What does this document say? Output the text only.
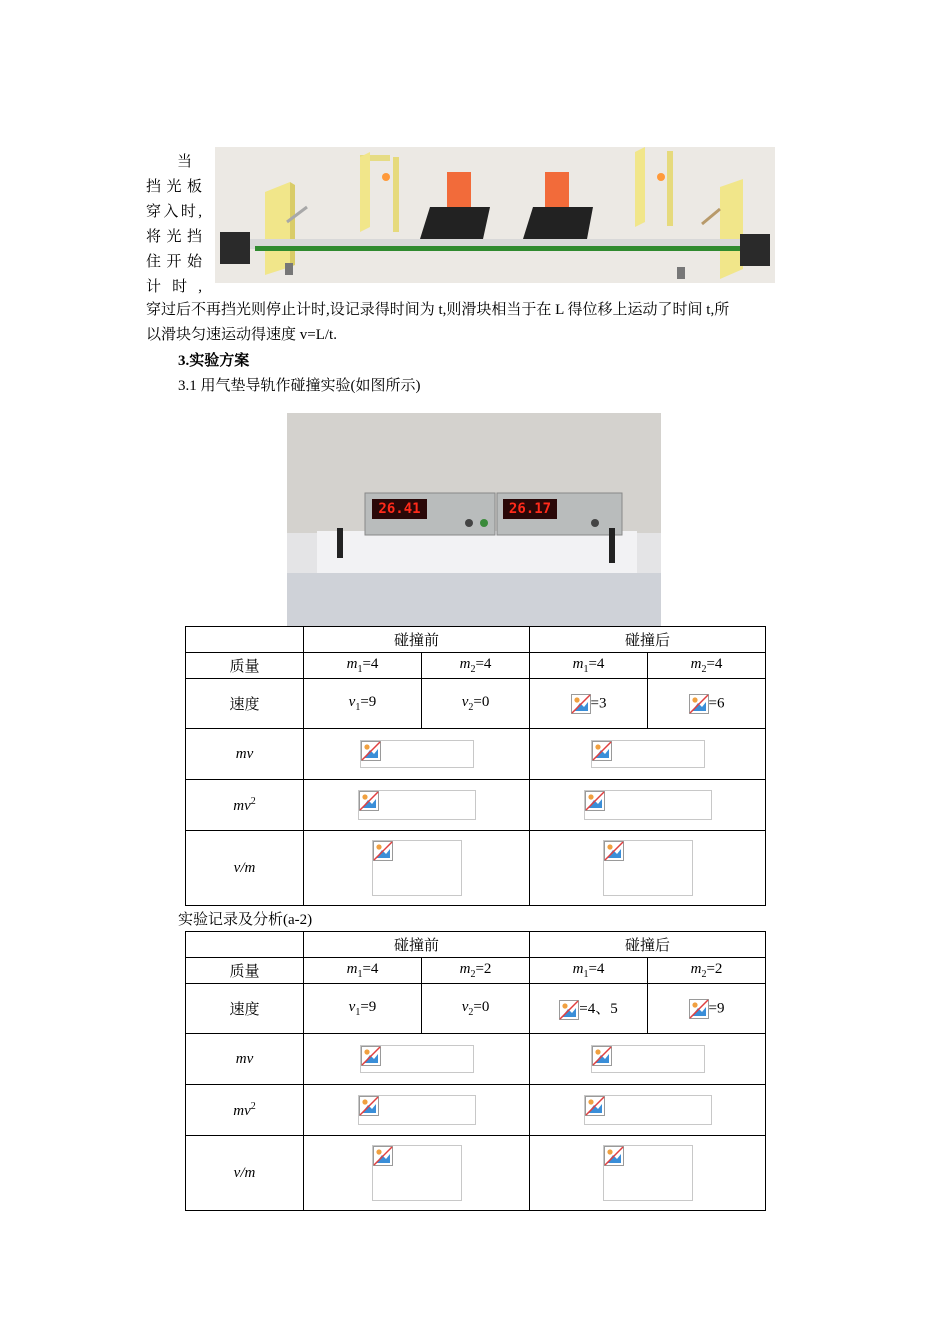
当
挡光板
穿入时,
将光挡
住开始
计时,
穿过后不再挡光则停止计时,设记录得时间为 t,则滑块相当于在 L 得位移上运动了时间 t,所
以滑块匀速运动得速度 v=L/t.
3.实验方案
3.1 用气垫导轨作碰撞实验(如图所示)
26.41	26.17
	碰撞前		碰撞后	
质量	$m_1=4$	$m_2=4$	$m_1=4$	$m_2=4$
速度	$v_1=9$	$v_2=0$	=3	=6
mv	

$mv^2$	

v/m	

实验记录及分析(a-2)
	碰撞前		碰撞后	
质量	$m_1=4$	$m_2=2$	$m_1=4$	$m_2=2$
速度	$v_1=9$	$v_2=0$	=4、5	=9
mv	

$mv^2$	

v/m	
